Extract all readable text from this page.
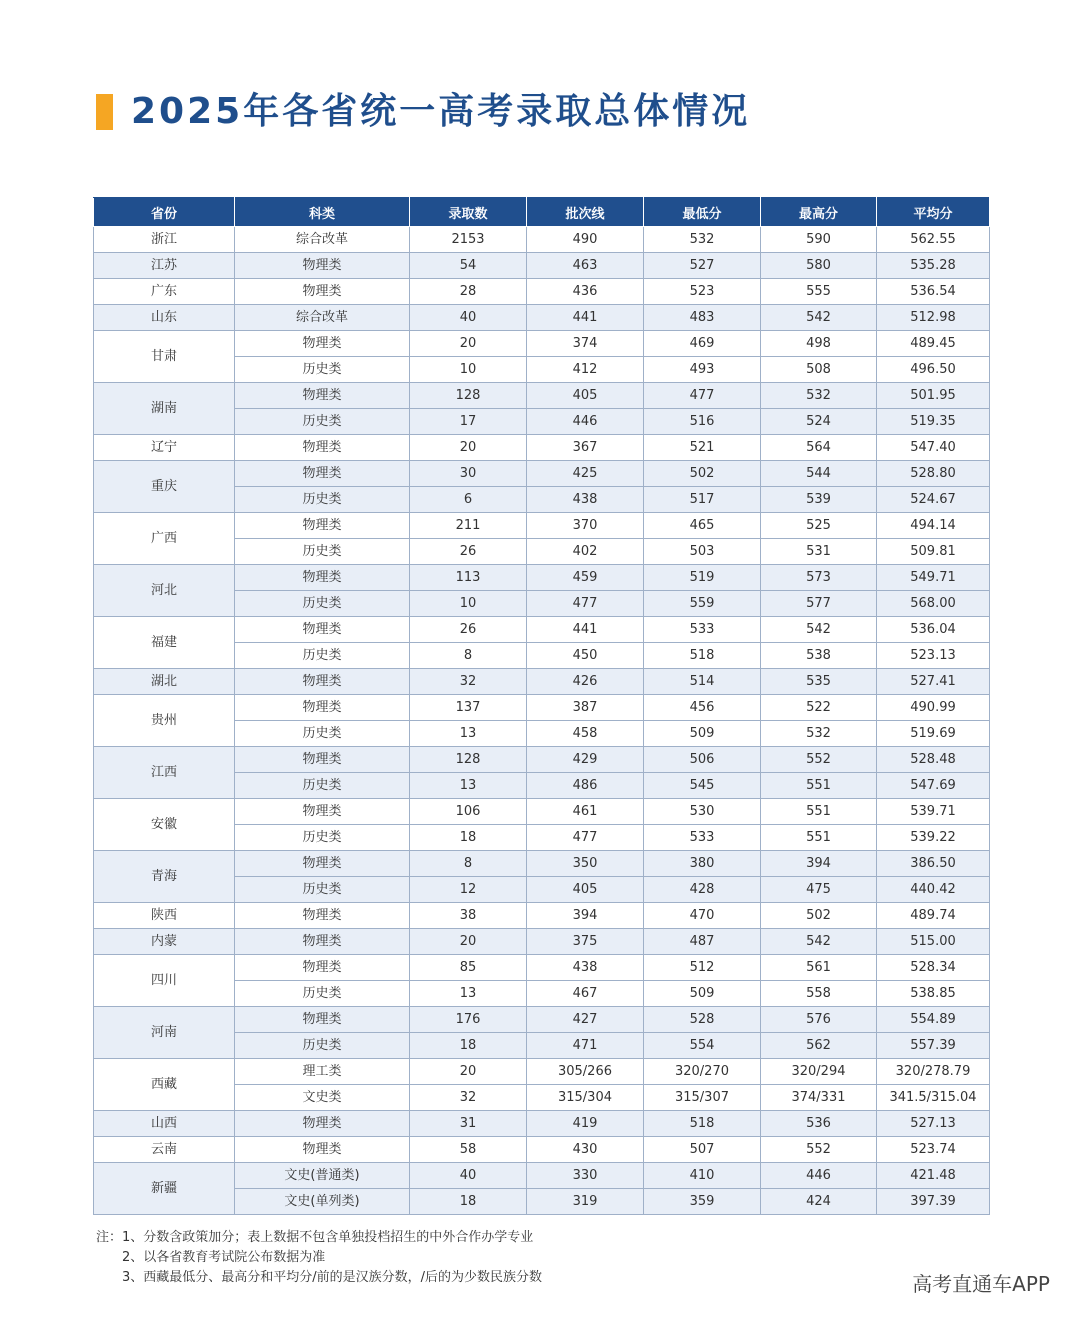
2025年各省统一高考录取总体情况
省份	科类	录取数	批次线	最低分	最高分	平均分
浙江	综合改革	2153	490	532	590	562.55
江苏	物理类	54	463	527	580	535.28
广东	物理类	28	436	523	555	536.54
山东	综合改革	40	441	483	542	512.98
甘肃	物理类	20	374	469	498	489.45
	历史类	10	412	493	508	496.50
湖南	物理类	128	405	477	532	501.95
	历史类	17	446	516	524	519.35
辽宁	物理类	20	367	521	564	547.40
重庆	物理类	30	425	502	544	528.80
	历史类	6	438	517	539	524.67
广西	物理类	211	370	465	525	494.14
	历史类	26	402	503	531	509.81
河北	物理类	113	459	519	573	549.71
	历史类	10	477	559	577	568.00
福建	物理类	26	441	533	542	536.04
	历史类	8	450	518	538	523.13
湖北	物理类	32	426	514	535	527.41
贵州	物理类	137	387	456	522	490.99
	历史类	13	458	509	532	519.69
江西	物理类	128	429	506	552	528.48
	历史类	13	486	545	551	547.69
安徽	物理类	106	461	530	551	539.71
	历史类	18	477	533	551	539.22
青海	物理类	8	350	380	394	386.50
	历史类	12	405	428	475	440.42
陕西	物理类	38	394	470	502	489.74
内蒙	物理类	20	375	487	542	515.00
四川	物理类	85	438	512	561	528.34
	历史类	13	467	509	558	538.85
河南	物理类	176	427	528	576	554.89
	历史类	18	471	554	562	557.39
西藏	理工类	20	305/266	320/270	320/294	320/278.79
	文史类	32	315/304	315/307	374/331	341.5/315.04
山西	物理类	31	419	518	536	527.13
云南	物理类	58	430	507	552	523.74
新疆	文史(普通类)	40	330	410	446	421.48
	文史(单列类)	18	319	359	424	397.39
注：1、分数含政策加分；表上数据不包含单独投档招生的中外合作办学专业
2、以各省教育考试院公布数据为准
3、西藏最低分、最高分和平均分/前的是汉族分数，/后的为少数民族分数	高考直通车APP
